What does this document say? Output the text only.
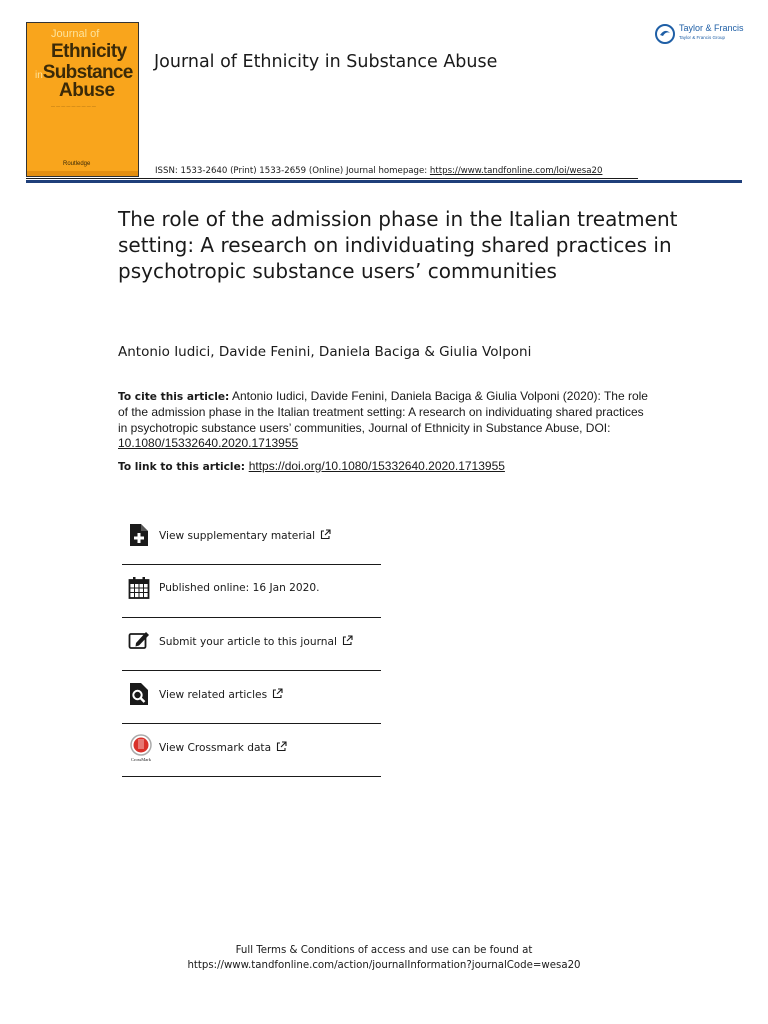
Journal of
Ethnicity
inSubstance
Abuse
— — — — — — — — —
Routledge
Journal of Ethnicity in Substance Abuse
Taylor & Francis
Taylor & Francis Group
ISSN: 1533-2640 (Print) 1533-2659 (Online) Journal homepage: https://www.tandfonline.com/loi/wesa20
The role of the admission phase in the Italian treatment setting: A research on individuating shared practices in psychotropic substance users’ communities
Antonio Iudici, Davide Fenini, Daniela Baciga & Giulia Volponi
To cite this article: Antonio Iudici, Davide Fenini, Daniela Baciga & Giulia Volponi (2020): The role of the admission phase in the Italian treatment setting: A research on individuating shared practices in psychotropic substance users’ communities, Journal of Ethnicity in Substance Abuse, DOI: 10.1080/15332640.2020.1713955
To link to this article: https://doi.org/10.1080/15332640.2020.1713955
View supplementary material
Published online: 16 Jan 2020.
Submit your article to this journal
View related articles
CrossMark
View Crossmark data
Full Terms & Conditions of access and use can be found at
https://www.tandfonline.com/action/journalInformation?journalCode=wesa20
